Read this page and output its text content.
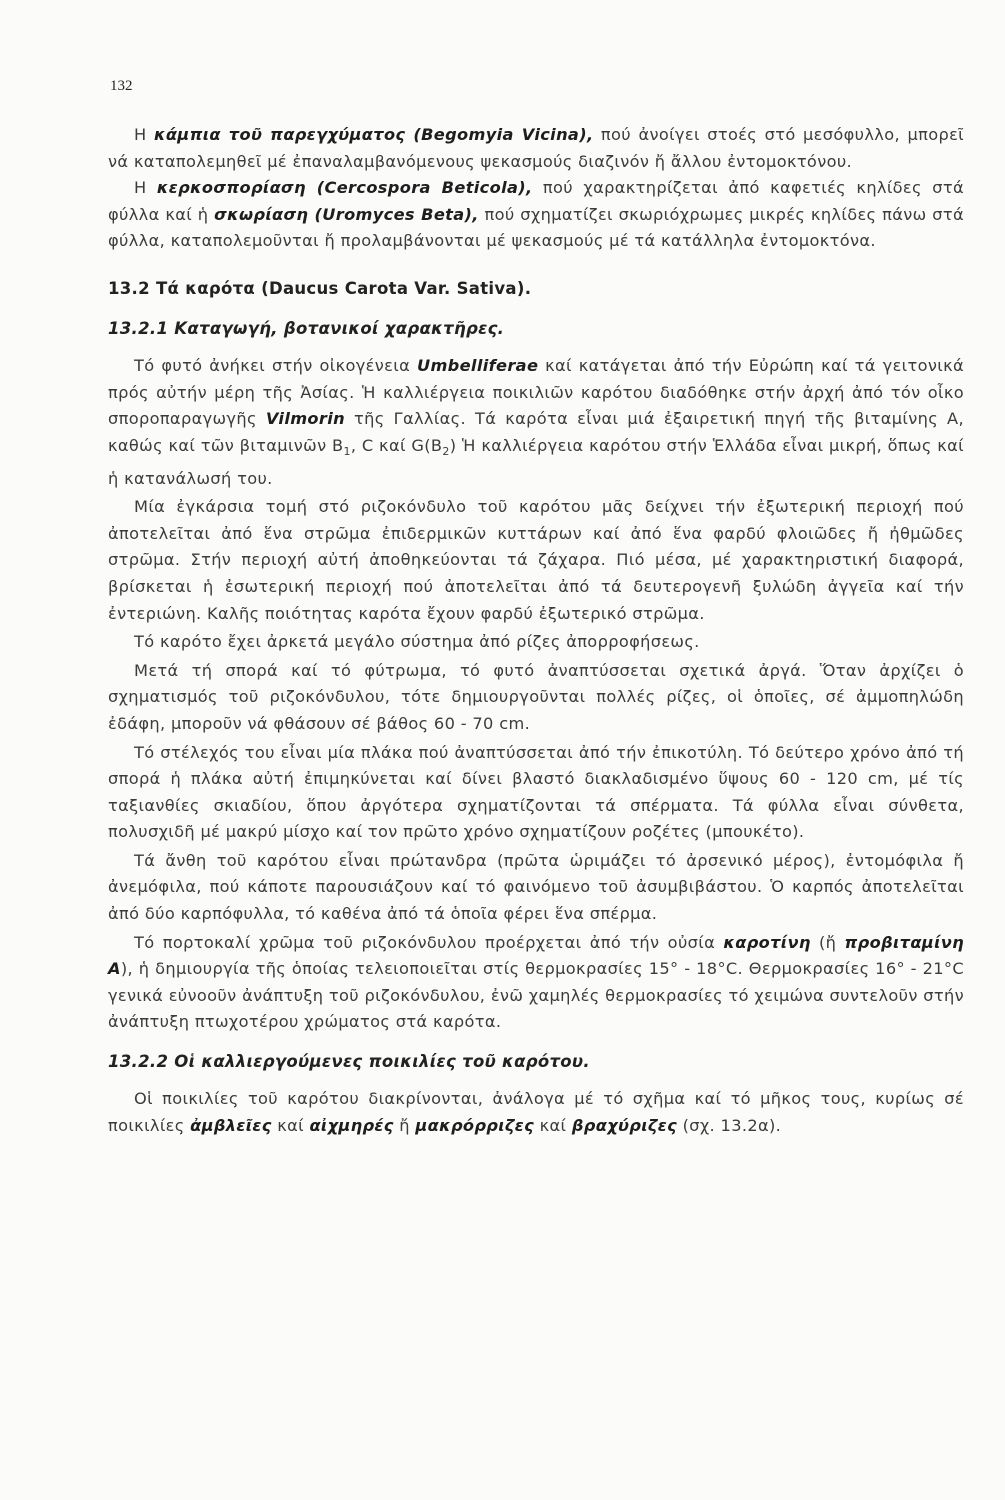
132

Η κάμπια τοῦ παρεγχύματος (Begomyia Vicina), πού ἀνοίγει στοές στό μεσόφυλλο, μπορεῖ νά καταπολεμηθεῖ μέ ἐπαναλαμβανόμενους ψεκασμούς διαζινόν ἤ ἄλλου ἐντομοκτόνου.

Η κερκοσπορίαση (Cercospora Beticola), πού χαρακτηρίζεται ἀπό καφετιές κηλίδες στά φύλλα καί ἡ σκωρίαση (Uromyces Beta), πού σχηματίζει σκωριόχρωμες μικρές κηλίδες πάνω στά φύλλα, καταπολεμοῦνται ἤ προλαμβάνονται μέ ψεκασμούς μέ τά κατάλληλα ἐντομοκτόνα.

13.2 Τά καρότα (Daucus Carota Var. Sativa).
13.2.1 Καταγωγή, βοτανικοί χαρακτῆρες.

Τό φυτό ἀνήκει στήν οἰκογένεια Umbelliferae καί κατάγεται ἀπό τήν Εὐρώπη καί τά γειτονικά πρός αὐτήν μέρη τῆς Ἀσίας. Ἡ καλλιέργεια ποικιλιῶν καρότου διαδόθηκε στήν ἀρχή ἀπό τόν οἶκο σποροπαραγωγῆς Vilmorin τῆς Γαλλίας. Τά καρότα εἶναι μιά ἐξαιρετική πηγή τῆς βιταμίνης Α, καθώς καί τῶν βιταμινῶν $B_1$, C καί $G(B_2)$ Ἡ καλλιέργεια καρότου στήν Ἑλλάδα εἶναι μικρή, ὅπως καί ἡ κατανάλωσή του.

Μία ἐγκάρσια τομή στό ριζοκόνδυλο τοῦ καρότου μᾶς δείχνει τήν ἐξωτερική περιοχή πού ἀποτελεῖται ἀπό ἕνα στρῶμα ἐπιδερμικῶν κυττάρων καί ἀπό ἕνα φαρδύ φλοιῶδες ἤ ἠθμῶδες στρῶμα. Στήν περιοχή αὐτή ἀποθηκεύονται τά ζάχαρα. Πιό μέσα, μέ χαρακτηριστική διαφορά, βρίσκεται ἡ ἐσωτερική περιοχή πού ἀποτελεῖται ἀπό τά δευτερογενῆ ξυλώδη ἀγγεῖα καί τήν ἐντεριώνη. Καλῆς ποιότητας καρότα ἔχουν φαρδύ ἐξωτερικό στρῶμα.

Τό καρότο ἔχει ἀρκετά μεγάλο σύστημα ἀπό ρίζες ἀπορροφήσεως.

Μετά τή σπορά καί τό φύτρωμα, τό φυτό ἀναπτύσσεται σχετικά ἀργά. Ὅταν ἀρχίζει ὁ σχηματισμός τοῦ ριζοκόνδυλου, τότε δημιουργοῦνται πολλές ρίζες, οἱ ὁποῖες, σέ ἀμμοπηλώδη ἐδάφη, μποροῦν νά φθάσουν σέ βάθος 60 - 70 cm.

Τό στέλεχός του εἶναι μία πλάκα πού ἀναπτύσσεται ἀπό τήν ἐπικοτύλη. Τό δεύτερο χρόνο ἀπό τή σπορά ἡ πλάκα αὐτή ἐπιμηκύνεται καί δίνει βλαστό διακλαδισμένο ὕψους 60 - 120 cm, μέ τίς ταξιανθίες σκιαδίου, ὅπου ἀργότερα σχηματίζονται τά σπέρματα. Τά φύλλα εἶναι σύνθετα, πολυσχιδῆ μέ μακρύ μίσχο καί τον πρῶτο χρόνο σχηματίζουν ροζέτες (μπουκέτο).

Τά ἄνθη τοῦ καρότου εἶναι πρώτανδρα (πρῶτα ὡριμάζει τό ἀρσενικό μέρος), ἐντομόφιλα ἤ ἀνεμόφιλα, πού κάποτε παρουσιάζουν καί τό φαινόμενο τοῦ ἀσυμβιβάστου. Ὁ καρπός ἀποτελεῖται ἀπό δύο καρπόφυλλα, τό καθένα ἀπό τά ὁποῖα φέρει ἕνα σπέρμα.

Τό πορτοκαλί χρῶμα τοῦ ριζοκόνδυλου προέρχεται ἀπό τήν οὐσία καροτίνη (ἤ προβιταμίνη Α), ἡ δημιουργία τῆς ὁποίας τελειοποιεῖται στίς θερμοκρασίες 15° - 18°C. Θερμοκρασίες 16° - 21°C γενικά εὐνοοῦν ἀνάπτυξη τοῦ ριζοκόνδυλου, ἐνῶ χαμηλές θερμοκρασίες τό χειμώνα συντελοῦν στήν ἀνάπτυξη πτωχοτέρου χρώματος στά καρότα.

13.2.2 Οἱ καλλιεργούμενες ποικιλίες τοῦ καρότου.

Οἱ ποικιλίες τοῦ καρότου διακρίνονται, ἀνάλογα μέ τό σχῆμα καί τό μῆκος τους, κυρίως σέ ποικιλίες ἀμβλεῖες καί αἰχμηρές ἤ μακρόρριζες καί βραχύριζες (σχ. 13.2α).
